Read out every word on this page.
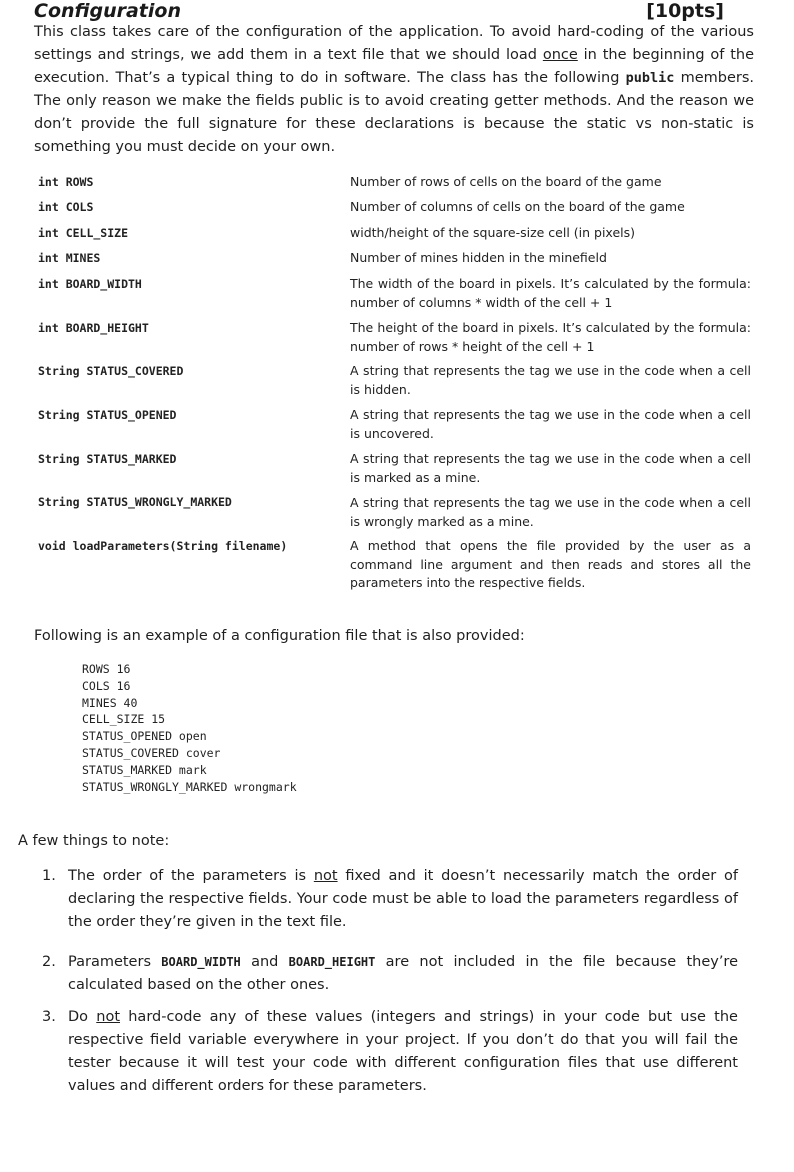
Configuration	[10pts]
This class takes care of the configuration of the application. To avoid hard-coding of the various settings and strings, we add them in a text file that we should load once in the beginning of the execution. That’s a typical thing to do in software. The class has the following public members. The only reason we make the fields public is to avoid creating getter methods. And the reason we don’t provide the full signature for these declarations is because the static vs non-static is something you must decide on your own.
int ROWS	Number of rows of cells on the board of the game
int COLS	Number of columns of cells on the board of the game
int CELL_SIZE	width/height of the square-size cell (in pixels)
int MINES	Number of mines hidden in the minefield
int BOARD_WIDTH	The width of the board in pixels. It’s calculated by the formula: number of columns * width of the cell + 1
int BOARD_HEIGHT	The height of the board in pixels. It’s calculated by the formula: number of rows * height of the cell + 1
String STATUS_COVERED	A string that represents the tag we use in the code when a cell is hidden.
String STATUS_OPENED	A string that represents the tag we use in the code when a cell is uncovered.
String STATUS_MARKED	A string that represents the tag we use in the code when a cell is marked as a mine.
String STATUS_WRONGLY_MARKED	A string that represents the tag we use in the code when a cell is wrongly marked as a mine.
void loadParameters(String filename)	A method that opens the file provided by the user as a command line argument and then reads and stores all the parameters into the respective fields.
Following is an example of a configuration file that is also provided:
ROWS 16
COLS 16
MINES 40
CELL_SIZE 15
STATUS_OPENED open
STATUS_COVERED cover
STATUS_MARKED mark
STATUS_WRONGLY_MARKED wrongmark
A few things to note:
1. The order of the parameters is not fixed and it doesn’t necessarily match the order of declaring the respective fields. Your code must be able to load the parameters regardless of the order they’re given in the text file.
2. Parameters BOARD_WIDTH and BOARD_HEIGHT are not included in the file because they’re calculated based on the other ones.
3. Do not hard-code any of these values (integers and strings) in your code but use the respective field variable everywhere in your project. If you don’t do that you will fail the tester because it will test your code with different configuration files that use different values and different orders for these parameters.
